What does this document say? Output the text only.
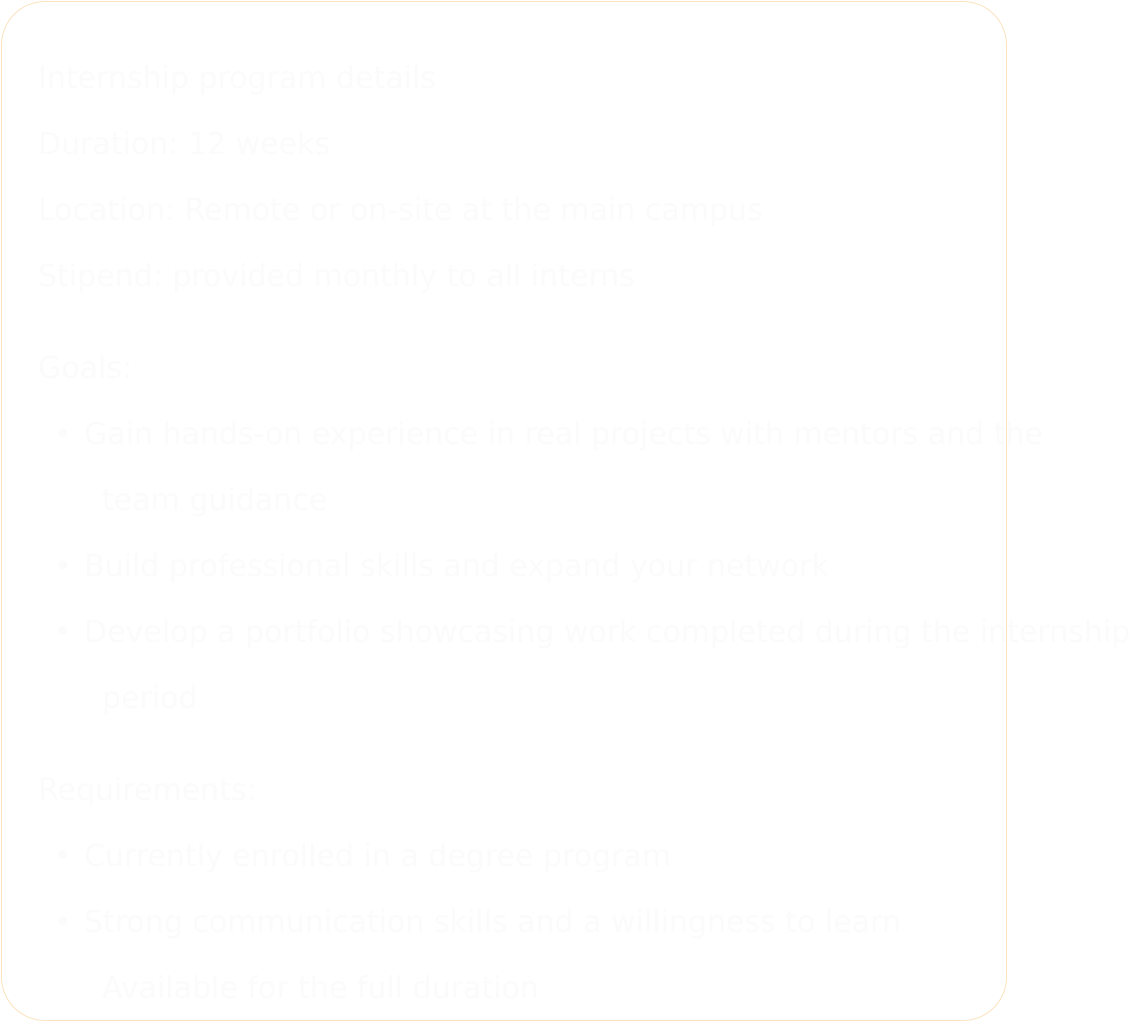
Internship program details
Duration: 12 weeks
Location: Remote or on-site at the main campus
Stipend: provided monthly to all interns
Goals:
• Gain hands-on experience in real projects with mentors and the
team guidance
• Build professional skills and expand your network
• Develop a portfolio showcasing work completed during the internship
period
Requirements:
• Currently enrolled in a degree program
• Strong communication skills and a willingness to learn
Available for the full duration
